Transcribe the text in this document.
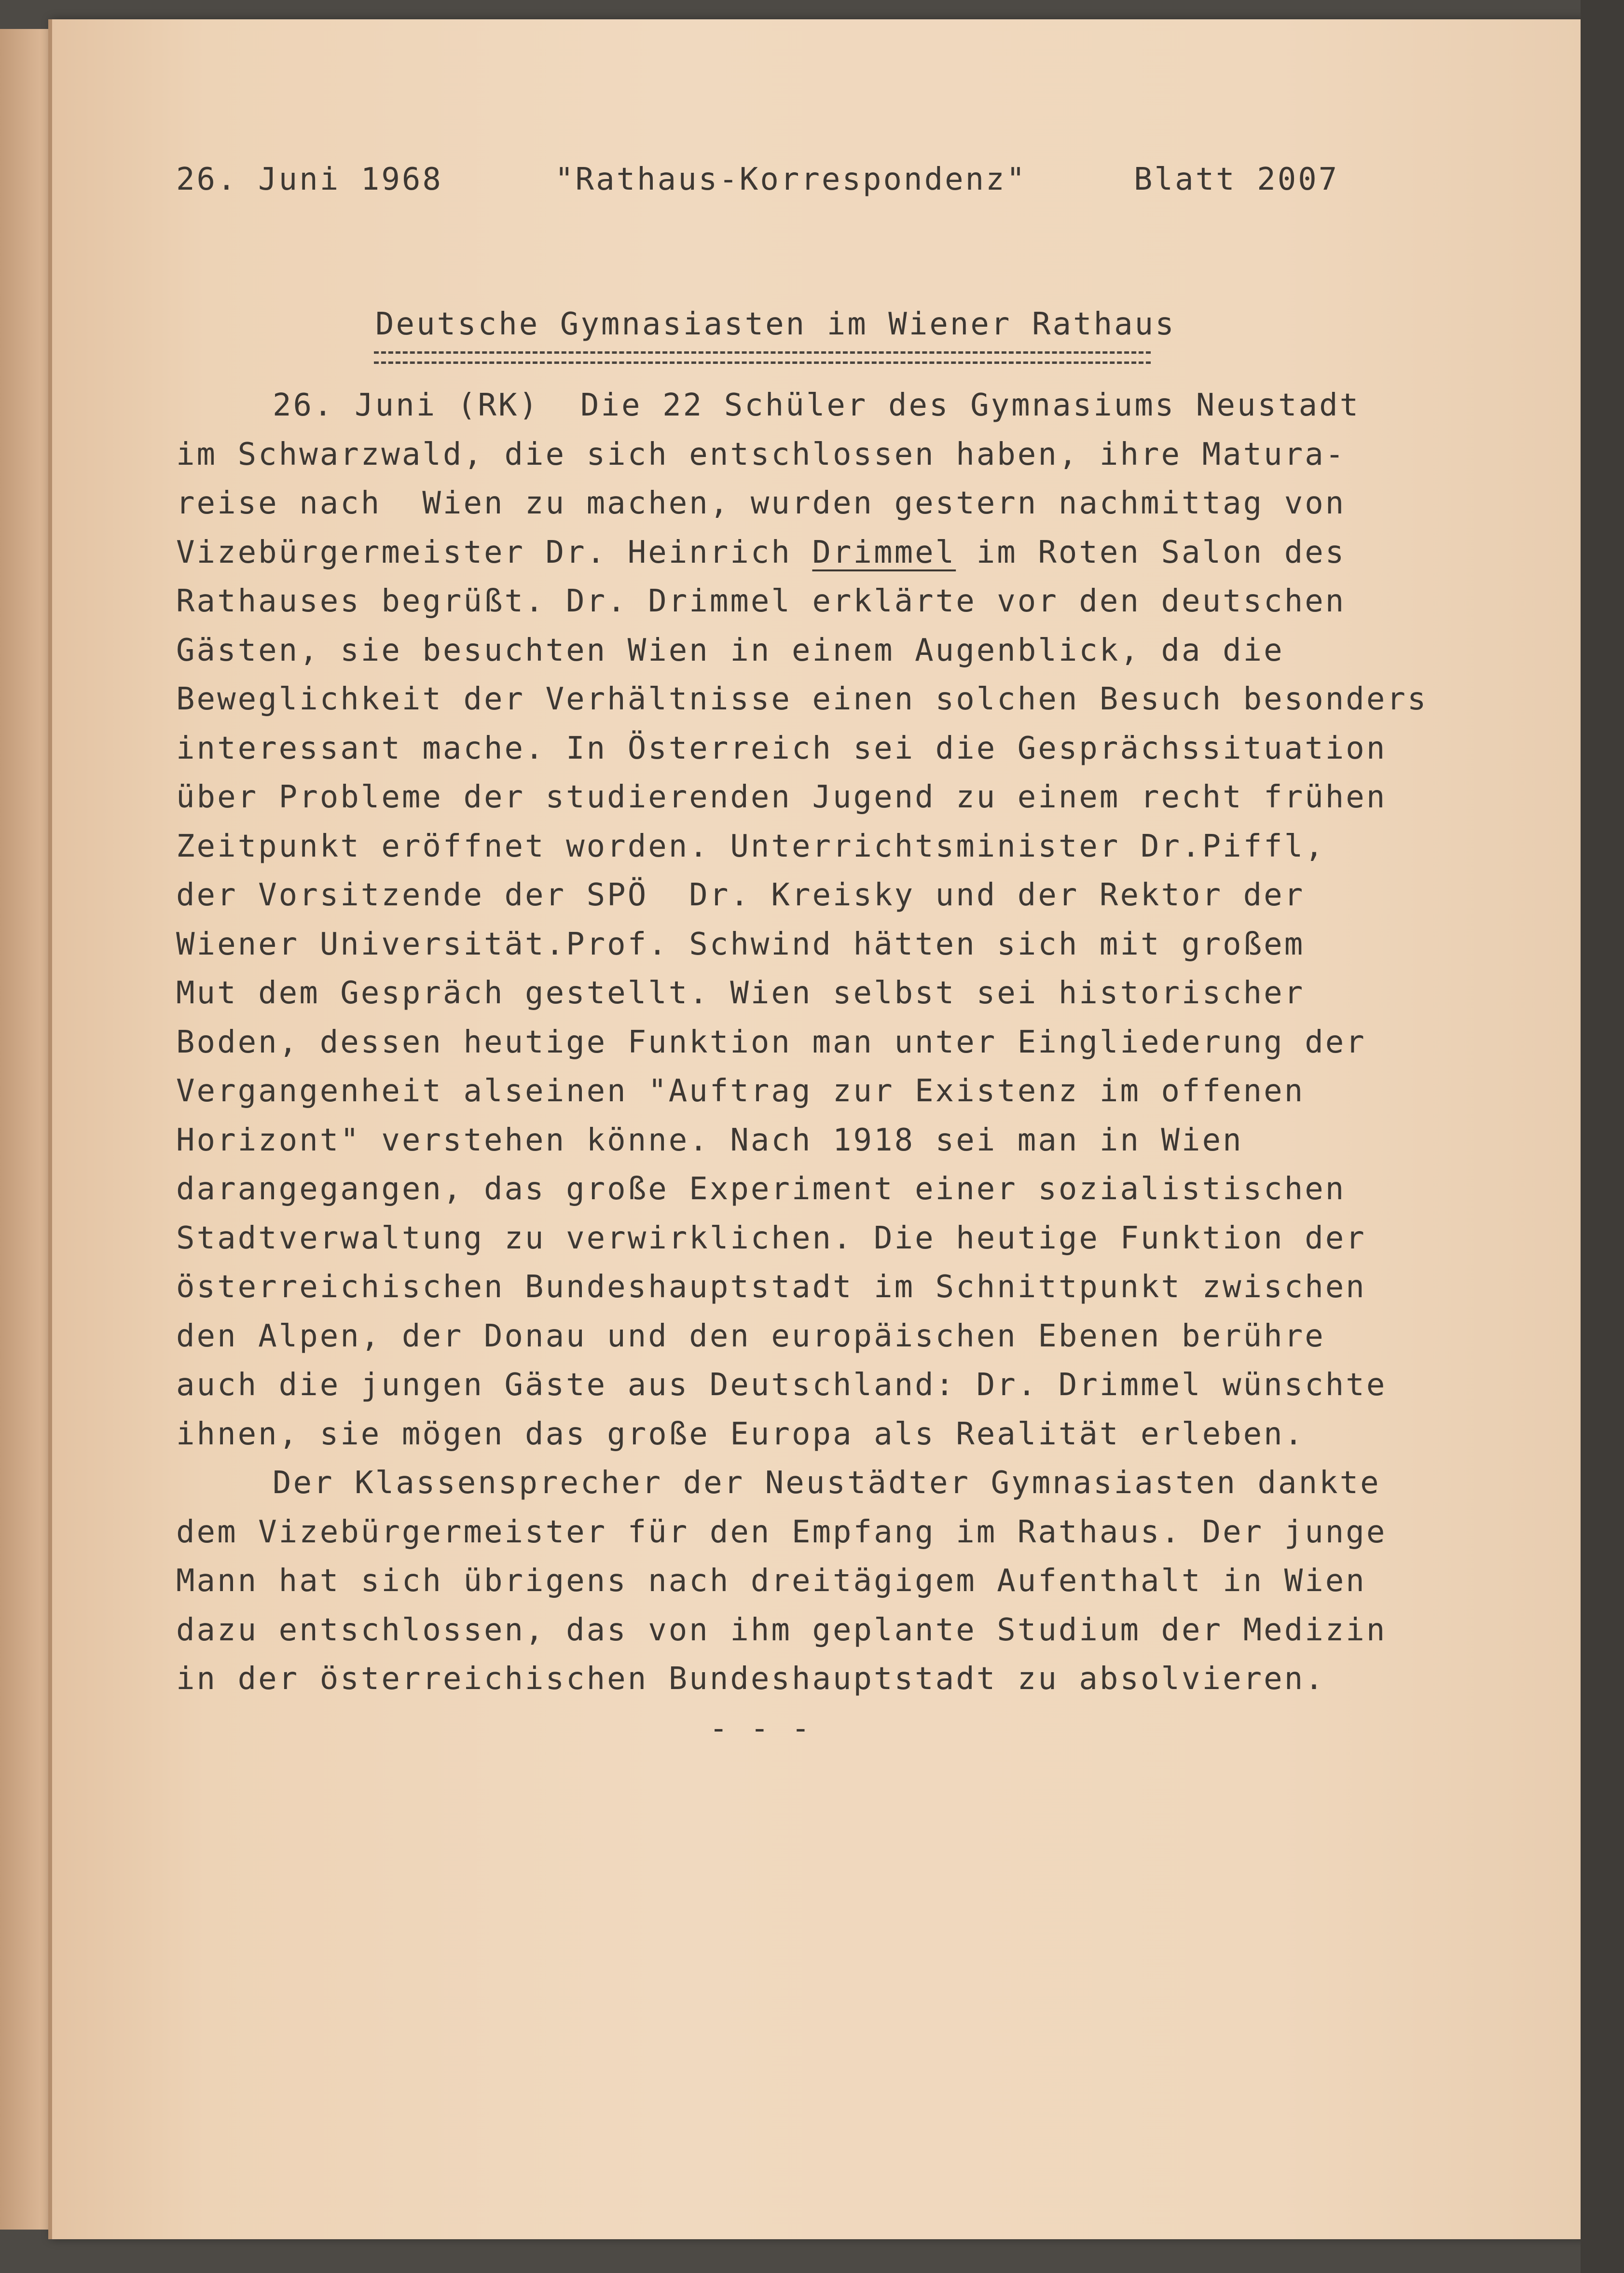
26. Juni 1968	"Rathaus-Korrespondenz"	Blatt 2007
Deutsche Gymnasiasten im Wiener Rathaus
26. Juni (RK)  Die 22 Schüler des Gymnasiums Neustadt
im Schwarzwald, die sich entschlossen haben, ihre Matura-
reise nach  Wien zu machen, wurden gestern nachmittag von
Vizebürgermeister Dr. Heinrich Drimmel im Roten Salon des
Rathauses begrüßt. Dr. Drimmel erklärte vor den deutschen
Gästen, sie besuchten Wien in einem Augenblick, da die
Beweglichkeit der Verhältnisse einen solchen Besuch besonders
interessant mache. In Österreich sei die Gesprächssituation
über Probleme der studierenden Jugend zu einem recht frühen
Zeitpunkt eröffnet worden. Unterrichtsminister Dr.Piffl,
der Vorsitzende der SPÖ  Dr. Kreisky und der Rektor der
Wiener Universität.Prof. Schwind hätten sich mit großem
Mut dem Gespräch gestellt. Wien selbst sei historischer
Boden, dessen heutige Funktion man unter Eingliederung der
Vergangenheit alseinen "Auftrag zur Existenz im offenen
Horizont" verstehen könne. Nach 1918 sei man in Wien
darangegangen, das große Experiment einer sozialistischen
Stadtverwaltung zu verwirklichen. Die heutige Funktion der
österreichischen Bundeshauptstadt im Schnittpunkt zwischen
den Alpen, der Donau und den europäischen Ebenen berühre
auch die jungen Gäste aus Deutschland: Dr. Drimmel wünschte
ihnen, sie mögen das große Europa als Realität erleben.
Der Klassensprecher der Neustädter Gymnasiasten dankte
dem Vizebürgermeister für den Empfang im Rathaus. Der junge
Mann hat sich übrigens nach dreitägigem Aufenthalt in Wien
dazu entschlossen, das von ihm geplante Studium der Medizin
in der österreichischen Bundeshauptstadt zu absolvieren.
- - -
